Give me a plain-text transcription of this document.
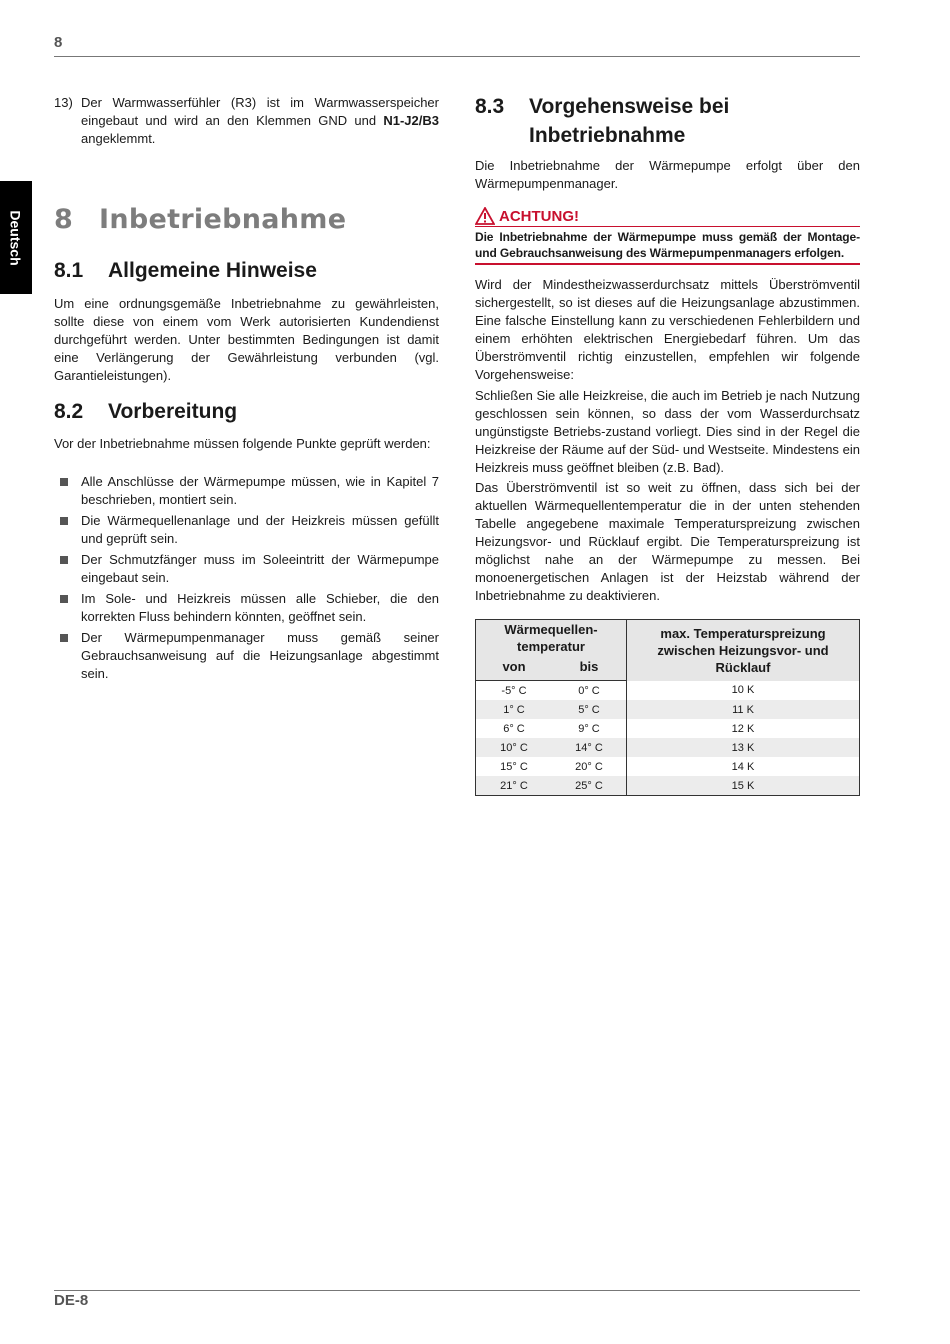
8
Deutsch
13) Der Warmwasserfühler (R3) ist im Warmwasserspeicher eingebaut und wird an den Klemmen GND und N1-J2/B3 angeklemmt.
8 Inbetriebnahme
8.1 Allgemeine Hinweise

Um eine ordnungsgemäße Inbetriebnahme zu gewährleisten, sollte diese von einem vom Werk autorisierten Kundendienst durchgeführt werden. Unter bestimmten Bedingungen ist damit eine Verlängerung der Gewährleistung verbunden (vgl. Garantieleistungen).

8.2 Vorbereitung

Vor der Inbetriebnahme müssen folgende Punkte geprüft werden:

Alle Anschlüsse der Wärmepumpe müssen, wie in Kapitel 7 beschrieben, montiert sein.
Die Wärmequellenanlage und der Heizkreis müssen gefüllt und geprüft sein.
Der Schmutzfänger muss im Soleeintritt der Wärmepumpe eingebaut sein.
Im Sole- und Heizkreis müssen alle Schieber, die den korrekten Fluss behindern könnten, geöffnet sein.
Der Wärmepumpenmanager muss gemäß seiner Gebrauchsanweisung auf die Heizungsanlage abgestimmt sein.
8.3 Vorgehensweise bei Inbetriebnahme

Die Inbetriebnahme der Wärmepumpe erfolgt über den Wärmepumpenmanager.

ACHTUNG!
Die Inbetriebnahme der Wärmepumpe muss gemäß der Montage- und Gebrauchsanweisung des Wärmepumpenmanagers erfolgen.

Wird der Mindestheizwasserdurchsatz mittels Überströmventil sichergestellt, so ist dieses auf die Heizungsanlage abzustimmen. Eine falsche Einstellung kann zu verschiedenen Fehlerbildern und einem erhöhten elektrischen Energiebedarf führen. Um das Überströmventil richtig einzustellen, empfehlen wir folgende Vorgehensweise:

Schließen Sie alle Heizkreise, die auch im Betrieb je nach Nutzung geschlossen sein können, so dass der vom Wasserdurchsatz ungünstigste Betriebs-zustand vorliegt. Dies sind in der Regel die Heizkreise der Räume auf der Süd- und Westseite. Mindestens ein Heizkreis muss geöffnet bleiben (z.B. Bad).

Das Überströmventil ist so weit zu öffnen, dass sich bei der aktuellen Wärmequellentemperatur die in der unten stehenden Tabelle angegebene maximale Temperaturspreizung zwischen Heizungsvor- und Rücklauf ergibt. Die Temperaturspreizung ist möglichst nahe an der Wärmepumpe zu messen. Bei monoenergetischen Anlagen ist der Heizstab während der Inbetriebnahme zu deaktivieren.

Wärmequellen-temperatur		max. Temperaturspreizung zwischen Heizungsvor- und Rücklauf
von	bis	
-5° C	0° C	10 K
1° C	5° C	11 K
6° C	9° C	12 K
10° C	14° C	13 K
15° C	20° C	14 K
21° C	25° C	15 K
DE-8
